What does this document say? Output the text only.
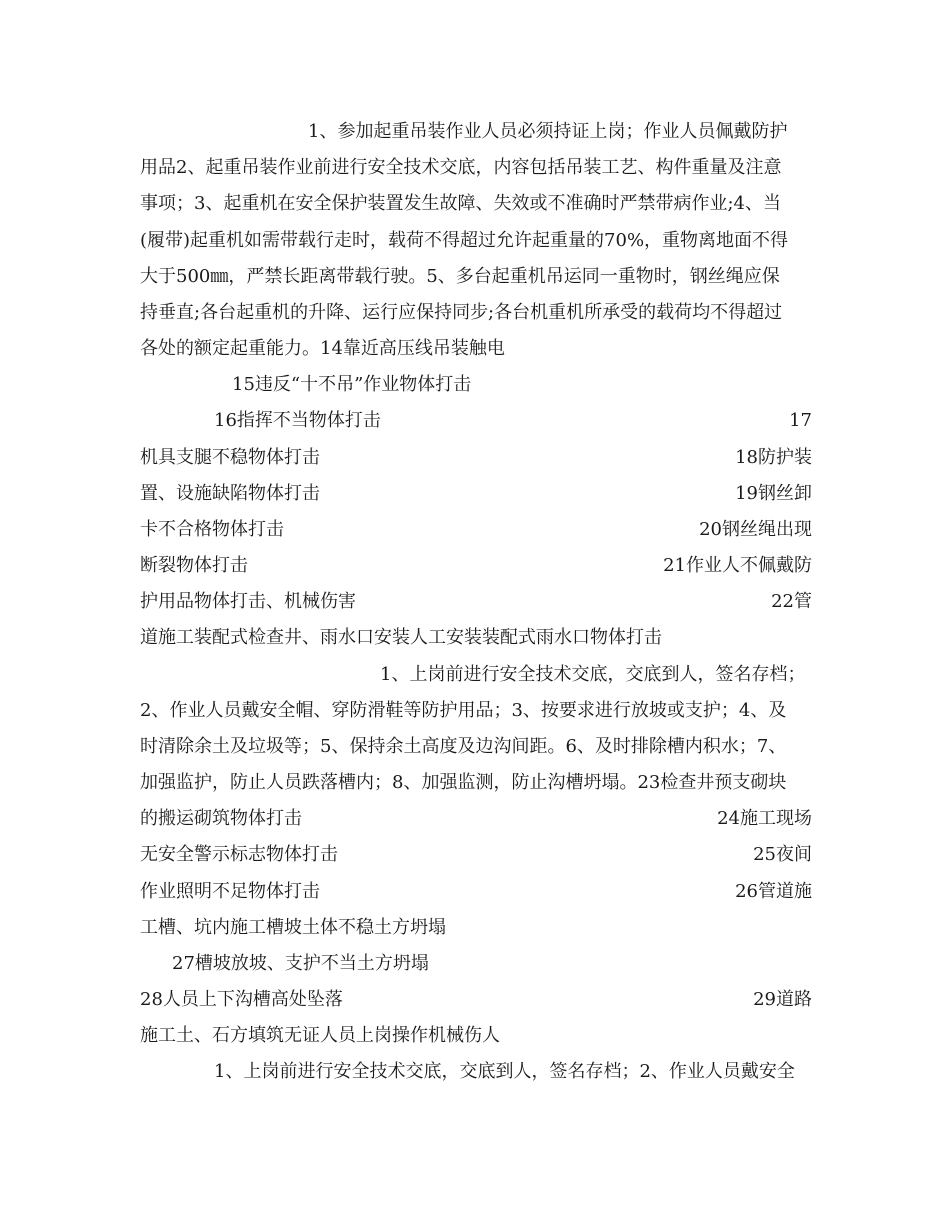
1、参加起重吊装作业人员必须持证上岗；作业人员佩戴防护
用品2、起重吊装作业前进行安全技术交底，内容包括吊装工艺、构件重量及注意
事项；3、起重机在安全保护装置发生故障、失效或不准确时严禁带病作业;4、当
(履带)起重机如需带载行走时，载荷不得超过允许起重量的70%，重物离地面不得
大于500㎜，严禁长距离带载行驶。5、多台起重机吊运同一重物时，钢丝绳应保
持垂直;各台起重机的升降、运行应保持同步;各台机重机所承受的载荷均不得超过
各处的额定起重能力。14靠近高压线吊装触电
15违反“十不吊”作业物体打击
16指挥不当物体打击	17
机具支腿不稳物体打击	18防护装
置、设施缺陷物体打击	19钢丝卸
卡不合格物体打击	20钢丝绳出现
断裂物体打击	21作业人不佩戴防
护用品物体打击、机械伤害	22管
道施工装配式检查井、雨水口安装人工安装装配式雨水口物体打击
1、上岗前进行安全技术交底，交底到人，签名存档；
2、作业人员戴安全帽、穿防滑鞋等防护用品；3、按要求进行放坡或支护；4、及
时清除余土及垃圾等；5、保持余土高度及边沟间距。6、及时排除槽内积水；7、
加强监护，防止人员跌落槽内；8、加强监测，防止沟槽坍塌。23检查井预支砌块
的搬运砌筑物体打击	24施工现场
无安全警示标志物体打击	25夜间
作业照明不足物体打击	26管道施
工槽、坑内施工槽坡土体不稳土方坍塌
27槽坡放坡、支护不当土方坍塌
28人员上下沟槽高处坠落	29道路
施工土、石方填筑无证人员上岗操作机械伤人
1、上岗前进行安全技术交底，交底到人，签名存档；2、作业人员戴安全
